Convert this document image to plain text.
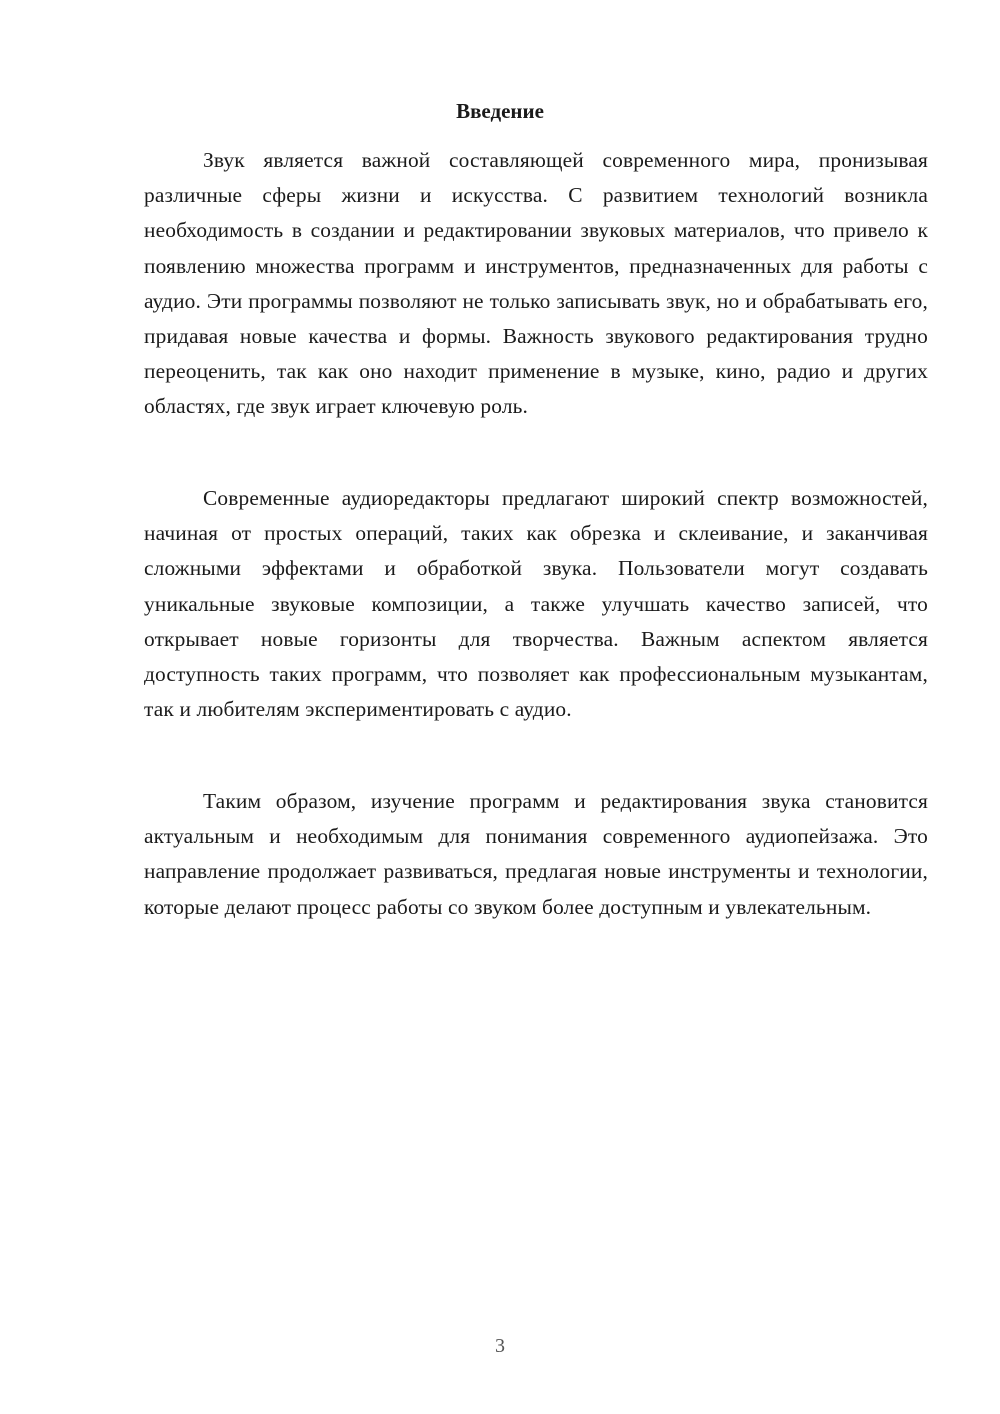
Введение

Звук является важной составляющей современного мира, пронизывая различные сферы жизни и искусства. С развитием технологий возникла необходимость в создании и редактировании звуковых материалов, что привело к появлению множества программ и инструментов, предназначенных для работы с аудио. Эти программы позволяют не только записывать звук, но и обрабатывать его, придавая новые качества и формы. Важность звукового редактирования трудно переоценить, так как оно находит применение в музыке, кино, радио и других областях, где звук играет ключевую роль.

Современные аудиоредакторы предлагают широкий спектр возможностей, начиная от простых операций, таких как обрезка и склеивание, и заканчивая сложными эффектами и обработкой звука. Пользователи могут создавать уникальные звуковые композиции, а также улучшать качество записей, что открывает новые горизонты для творчества. Важным аспектом является доступность таких программ, что позволяет как профессиональным музыкантам, так и любителям экспериментировать с аудио.

Таким образом, изучение программ и редактирования звука становится актуальным и необходимым для понимания современного аудиопейзажа. Это направление продолжает развиваться, предлагая новые инструменты и технологии, которые делают процесс работы со звуком более доступным и увлекательным.

3
